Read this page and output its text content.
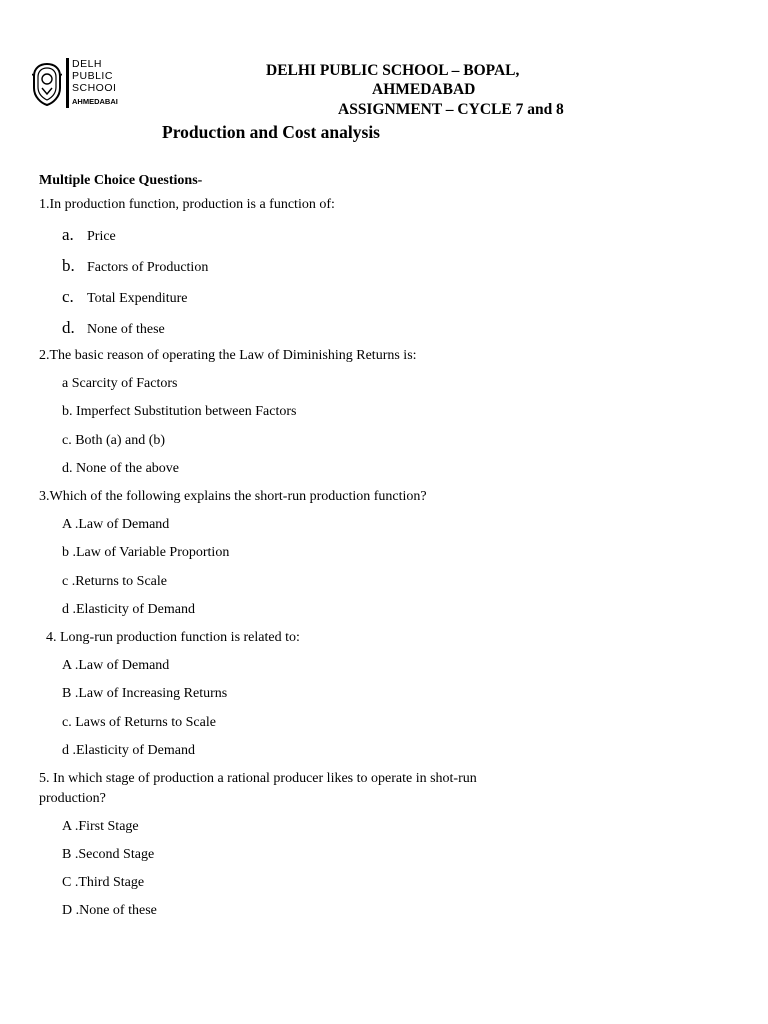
DELH
PUBLIC
SCHOOI
AHMEDABAI
DELHI PUBLIC SCHOOL – BOPAL,
AHMEDABAD
ASSIGNMENT – CYCLE 7 and 8
Production and Cost analysis
Multiple Choice Questions-
1.In production function, production is a function of:
a. Price
b. Factors of Production
c. Total Expenditure
d. None of these
2.The basic reason of operating the Law of Diminishing Returns is:
a Scarcity of Factors
b. Imperfect Substitution between Factors
c. Both (a) and (b)
d. None of the above
3.Which of the following explains the short-run production function?
A .Law of Demand
b .Law of Variable Proportion
c .Returns to Scale
d .Elasticity of Demand
4. Long-run production function is related to:
A .Law of Demand
B .Law of Increasing Returns
c. Laws of Returns to Scale
d .Elasticity of Demand
5. In which stage of production a rational producer likes to operate in shot-run
production?
A .First Stage
B .Second Stage
C .Third Stage
D .None of these
